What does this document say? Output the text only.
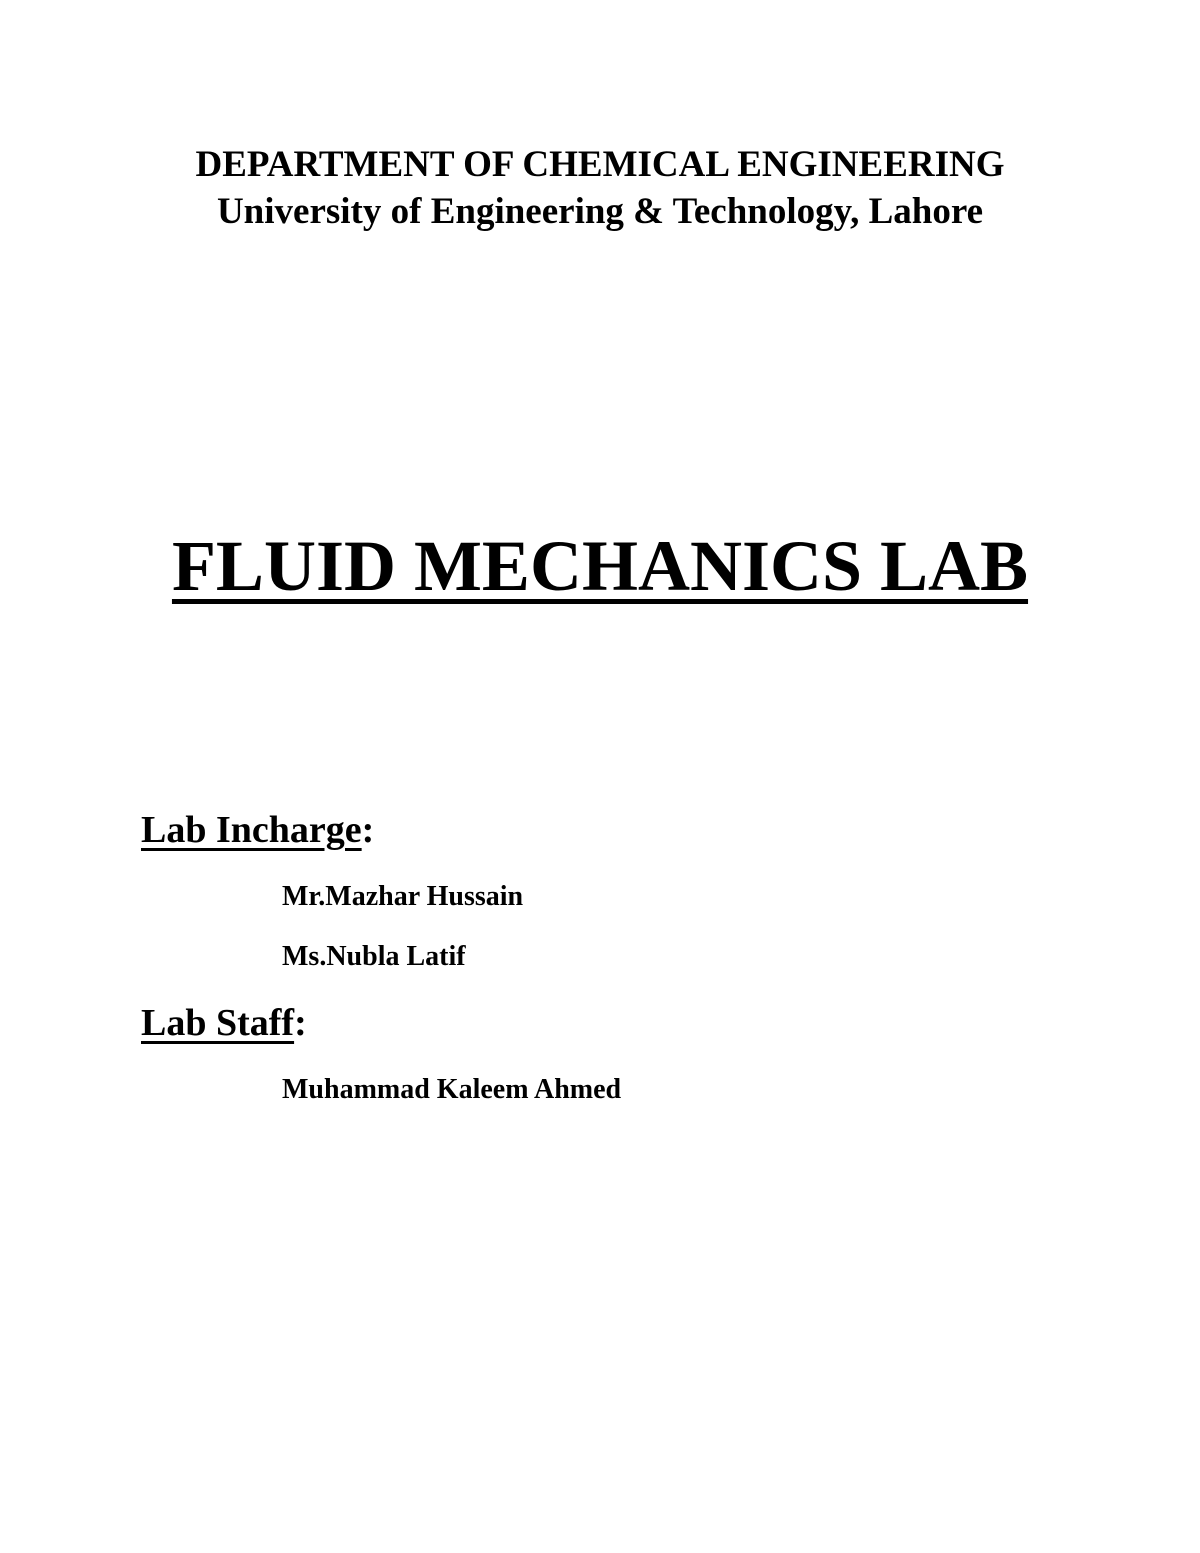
DEPARTMENT OF CHEMICAL ENGINEERING
University of Engineering & Technology, Lahore
FLUID MECHANICS LAB
Lab Incharge:
Mr.Mazhar Hussain
Ms.Nubla Latif
Lab Staff:
Muhammad Kaleem Ahmed
